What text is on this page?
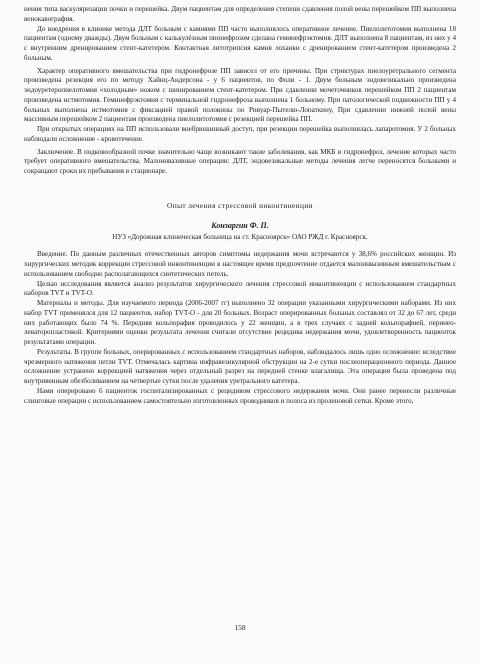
нения типа васкуляризации почки и перешейка. Двум пациентам для определения степени сдавления полой вены перешейком ПП выполнена венокавография.

До внедрения в клинике метода ДЛТ больным с камнями ПП часто выполнялось оперативное лечение. Пиелолитотомия выполнена 18 пациентам (одному дважды). Двум больным с калькулёзным пионефрозом сделана геминефрэктомия. ДЛТ выполнена 8 пациентам, из них у 4 с внутренним дренированием стент-катетером. Контактная литотрипсия камня лоханки с дренированием стент-катетером произведена 2 больным.

Характер оперативного вмешательства при гидронефрозе ПП зависел от его причины. При стриктурах пиелоуретрального сегмента произведена резекция его по методу Хайнц-Андерсона - у 6 пациентов, по Фоли - 1. Двум больным эндовезикально произведена эндоуретеропиелотомия «холодным» ножом с шинированием стент-катетером. При сдавлении мочеточников перешейком ПП 2 пациентам произведена истмотомия. Геминефрэктомия с терминальной гидронефроза выполнена 1 больному. При патологической подвижности ПП у 4 больных выполнена истмотомия с фиксацией правой половины по Ривуар-Пытелю-Лопаткину, При сдавлении нижней полой вены массивным перешейком 2 пациентам произведена пиелолитотомия с резекцией перешейка ПП.

При открытых операциях на ПП использовали внебрюшинный доступ, при резекции перешейка выполнялась лапаротомия. У 2 больных наблюдали осложнение - кровотечение.

Заключение. В подковообразной почке значительно чаще возникают такие заболевания, как МКБ и гидронефроз, лечение которых часто требует оперативного вмешательства. Малоинвазивные операции: ДЛТ, эндовезикальные методы лечения легче переносятся больными и сокращают сроки их пребывания в стационаре.

Опыт лечения стрессовой инконтиненции
Конзаргин Ф. П.
НУЗ «Дорожная клиническая больница на ст. Красноярск» ОАО РЖД г. Красноярск.

Введение. По данным различных отечественных авторов симптомы недержания мочи встречаются у 38,6% российских женщин. Из хирургических методик коррекции стрессовой инконтиненции в настоящее время предпочтение отдается малоинвазивным вмешательствам с использованием свободно располагающихся синтетических петель.

Целью исследования является анализ результатов хирургического лечения стрессовой инконтиненции с использованием стандартных наборов TVT и TVT-O.

Материалы и методы. Для изучаемого периода (2006-2007 гг) выполнено 32 операции указанными хирургическими наборами. Из них набор TVT применялся для 12 пациентов, набор TVT-O - для 20 больных. Возраст оперированных больных составлял от 32 до 67 лет, среди них работающих было 74 %. Передняя кольпорафия проводилось у 22 женщин, а в трех случаях с задней кольпорафией, перинео-леваторопластикой. Критериями оценки результата лечения считали отсутствие рецидива недержания мочи, удовлетворенность пациенток результатами операции.

Результаты. В группе больных, оперированных с использованием стандартных наборов, наблюдалось лишь одно осложнение: вследствие чрезмерного натяжения петли TVT. Отмечалась картина инфравезикулярной обструкции на 2-е сутки послеоперационного периода. Данное осложнение устранено коррекцией натяжения через отдельный разрез на передней стенке влагалища. Эта операция была проведена под внутривенным обезболиванием на четвертые сутки после удаления уретрального катетера.

Нами оперировано 6 пациенток госпитализированных с рецидивом стрессового недержания мочи. Они ранее перенесли различные слинговые операции с использованием самостоятельно изготовленных проводников и полоса из проленовой сетки. Кроме этого,

158
